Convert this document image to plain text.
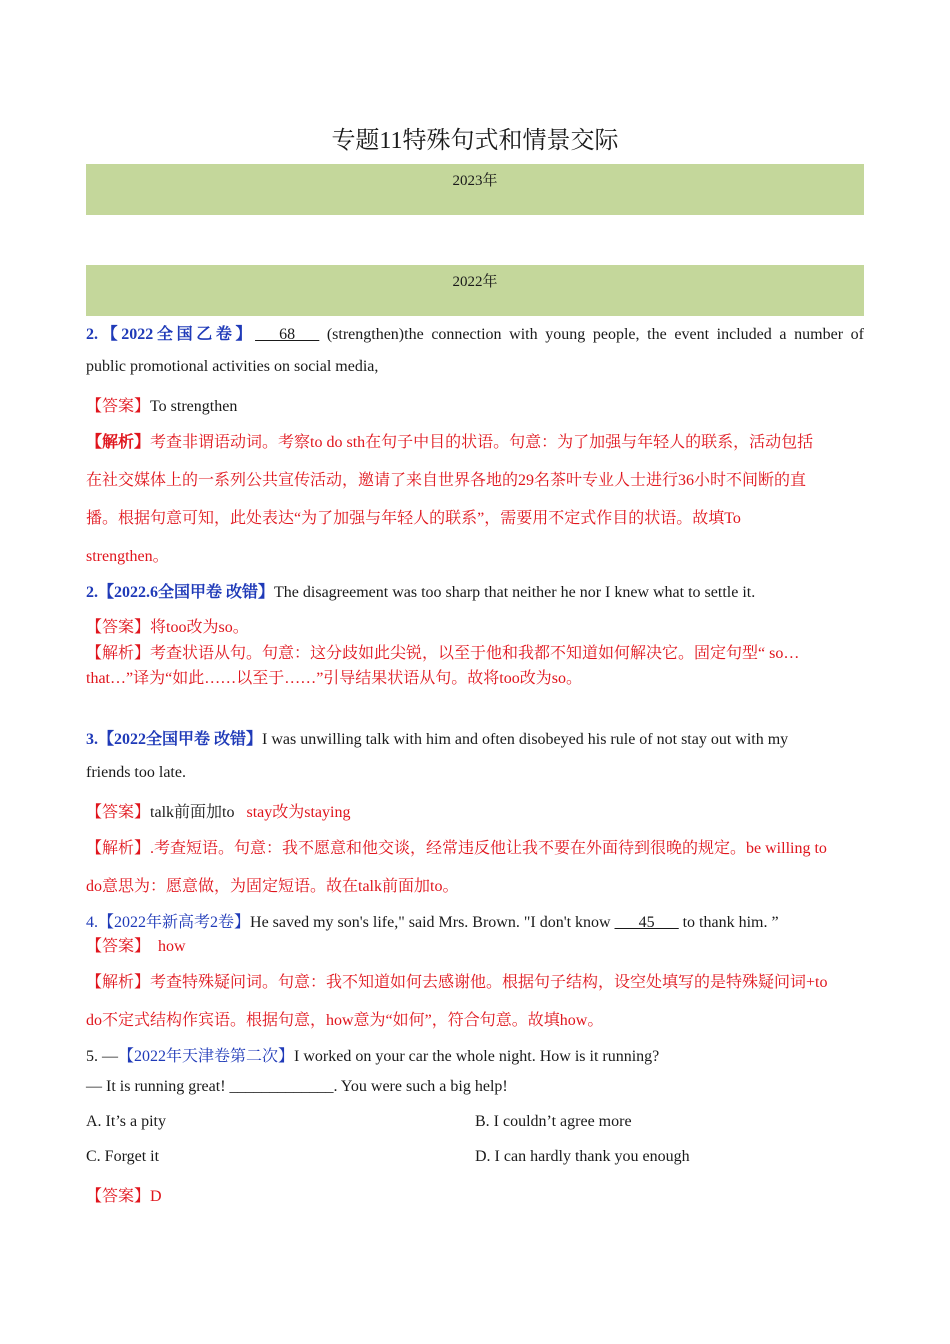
专题11特殊句式和情景交际
2023年
2022年
2.【2022全国乙卷】___68___ (strengthen)the connection with young people, the event included a number of
public promotional activities on social media,
【答案】To strengthen
【解析】考查非谓语动词。考察to do sth在句子中目的状语。句意：为了加强与年轻人的联系，活动包括
在社交媒体上的一系列公共宣传活动，邀请了来自世界各地的29名茶叶专业人士进行36小时不间断的直
播。根据句意可知，此处表达“为了加强与年轻人的联系”，需要用不定式作目的状语。故填To
strengthen。
2.【2022.6全国甲卷 改错】The disagreement was too sharp that neither he nor I knew what to settle it.
【答案】将too改为so。
【解析】考查状语从句。句意：这分歧如此尖锐，以至于他和我都不知道如何解决它。固定句型“ so…
that…”译为“如此……以至于……”引导结果状语从句。故将too改为so。
3.【2022全国甲卷 改错】I was unwilling talk with him and often disobeyed his rule of not stay out with my
friends too late.
【答案】talk前面加to stay改为staying
【解析】.考查短语。句意：我不愿意和他交谈，经常违反他让我不要在外面待到很晚的规定。be willing to
do意思为：愿意做，为固定短语。故在talk前面加to。
4.【2022年新高考2卷】He saved my son's life," said Mrs. Brown. "I don't know ___45___ to thank him. ”
【答案】 how
【解析】考查特殊疑问词。句意：我不知道如何去感谢他。根据句子结构，设空处填写的是特殊疑问词+to
do不定式结构作宾语。根据句意，how意为“如何”，符合句意。故填how。
5. —【2022年天津卷第二次】I worked on your car the whole night. How is it running?
— It is running great! _____________. You were such a big help!
A. It’s a pity	B. I couldn’t agree more
C. Forget it	D. I can hardly thank you enough
【答案】D
